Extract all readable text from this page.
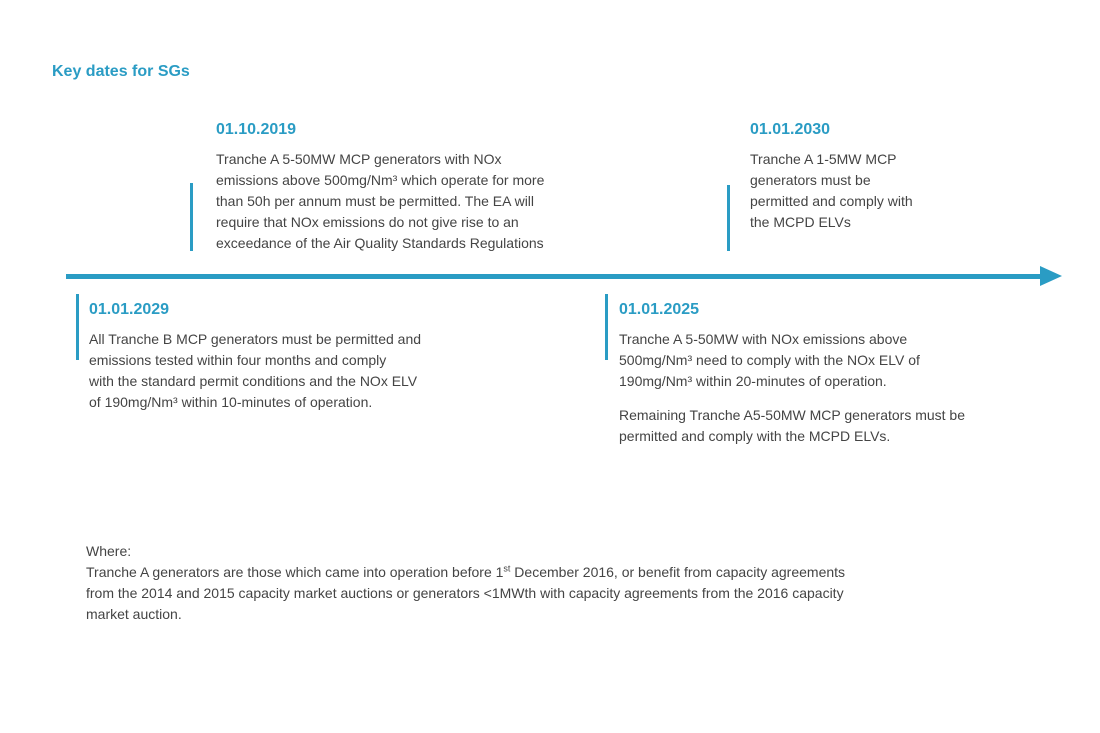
Key dates for SGs
01.10.2019
Tranche A 5-50MW MCP generators with NOx
emissions above 500mg/Nm³ which operate for more
than 50h per annum must be permitted. The EA will
require that NOx emissions do not give rise to an
exceedance of the Air Quality Standards Regulations
01.01.2030
Tranche A 1-5MW MCP
generators must be
permitted and comply with
the MCPD ELVs
01.01.2029
All Tranche B MCP generators must be permitted and
emissions tested within four months and comply
with the standard permit conditions and the NOx ELV
of 190mg/Nm³ within 10-minutes of operation.
01.01.2025

Tranche A 5-50MW with NOx emissions above
500mg/Nm³ need to comply with the NOx ELV of
190mg/Nm³ within 20-minutes of operation.

Remaining Tranche A5-50MW MCP generators must be
permitted and comply with the MCPD ELVs.

Where:
Tranche A generators are those which came into operation before 1st December 2016, or benefit from capacity agreements
from the 2014 and 2015 capacity market auctions or generators <1MWth with capacity agreements from the 2016 capacity
market auction.
